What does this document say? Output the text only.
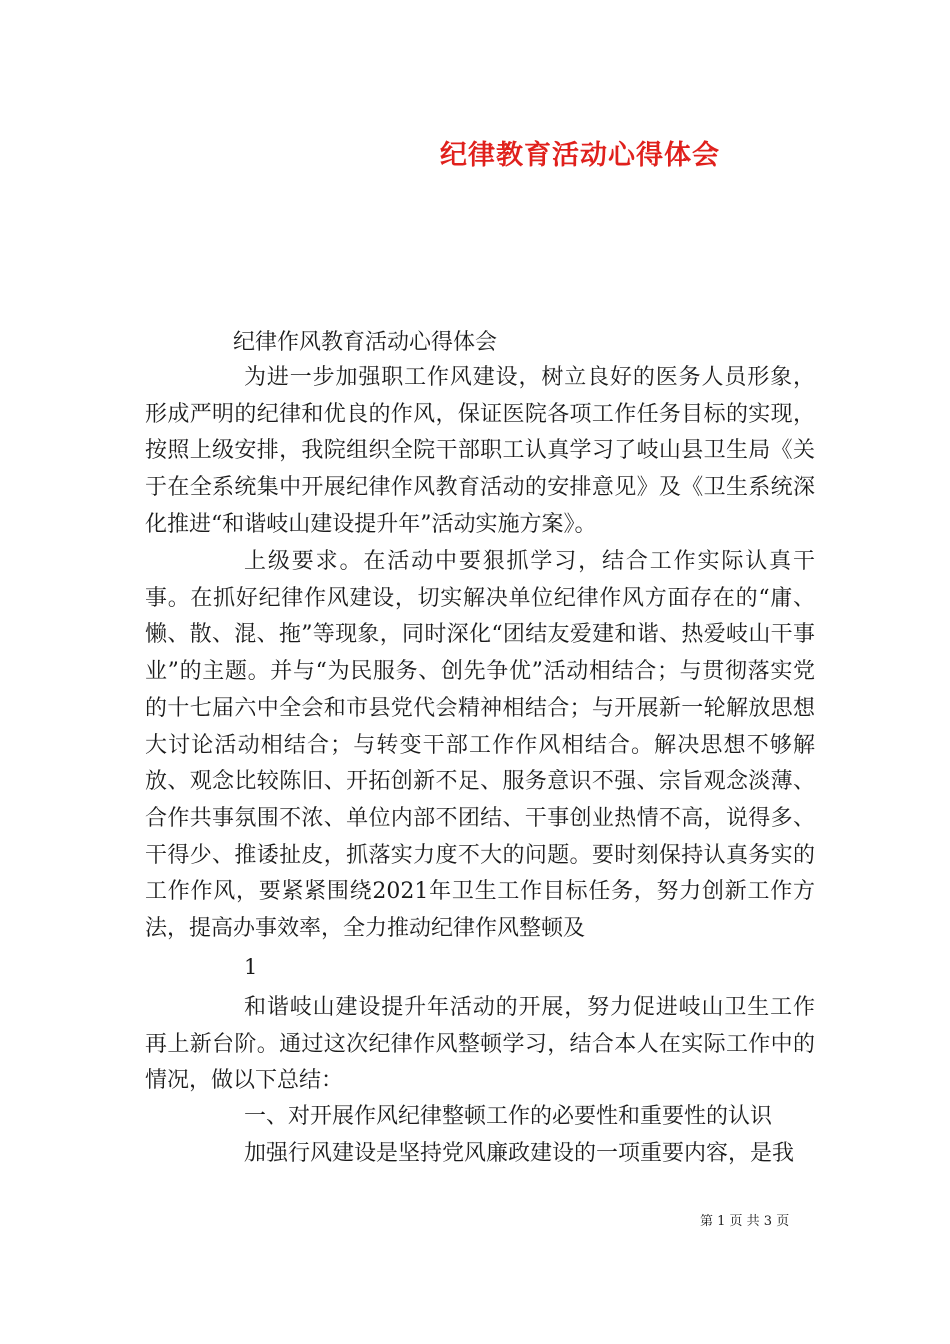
纪律教育活动心得体会

纪律作风教育活动心得体会

为进一步加强职工作风建设，树立良好的医务人员形象，形成严明的纪律和优良的作风，保证医院各项工作任务目标的实现，按照上级安排，我院组织全院干部职工认真学习了岐山县卫生局《关于在全系统集中开展纪律作风教育活动的安排意见》及《卫生系统深化推进“和谐岐山建设提升年”活动实施方案》。

上级要求。在活动中要狠抓学习，结合工作实际认真干事。在抓好纪律作风建设，切实解决单位纪律作风方面存在的“庸、懒、散、混、拖”等现象，同时深化“团结友爱建和谐、热爱岐山干事业”的主题。并与“为民服务、创先争优”活动相结合；与贯彻落实党的十七届六中全会和市县党代会精神相结合；与开展新一轮解放思想大讨论活动相结合；与转变干部工作作风相结合。解决思想不够解放、观念比较陈旧、开拓创新不足、服务意识不强、宗旨观念淡薄、合作共事氛围不浓、单位内部不团结、干事创业热情不高，说得多、干得少、推诿扯皮，抓落实力度不大的问题。要时刻保持认真务实的工作作风，要紧紧围绕2021年卫生工作目标任务，努力创新工作方法，提高办事效率，全力推动纪律作风整顿及

1

和谐岐山建设提升年活动的开展，努力促进岐山卫生工作再上新台阶。通过这次纪律作风整顿学习，结合本人在实际工作中的情况，做以下总结：

一、对开展作风纪律整顿工作的必要性和重要性的认识

加强行风建设是坚持党风廉政建设的一项重要内容，是我

第 1 页 共 3 页
